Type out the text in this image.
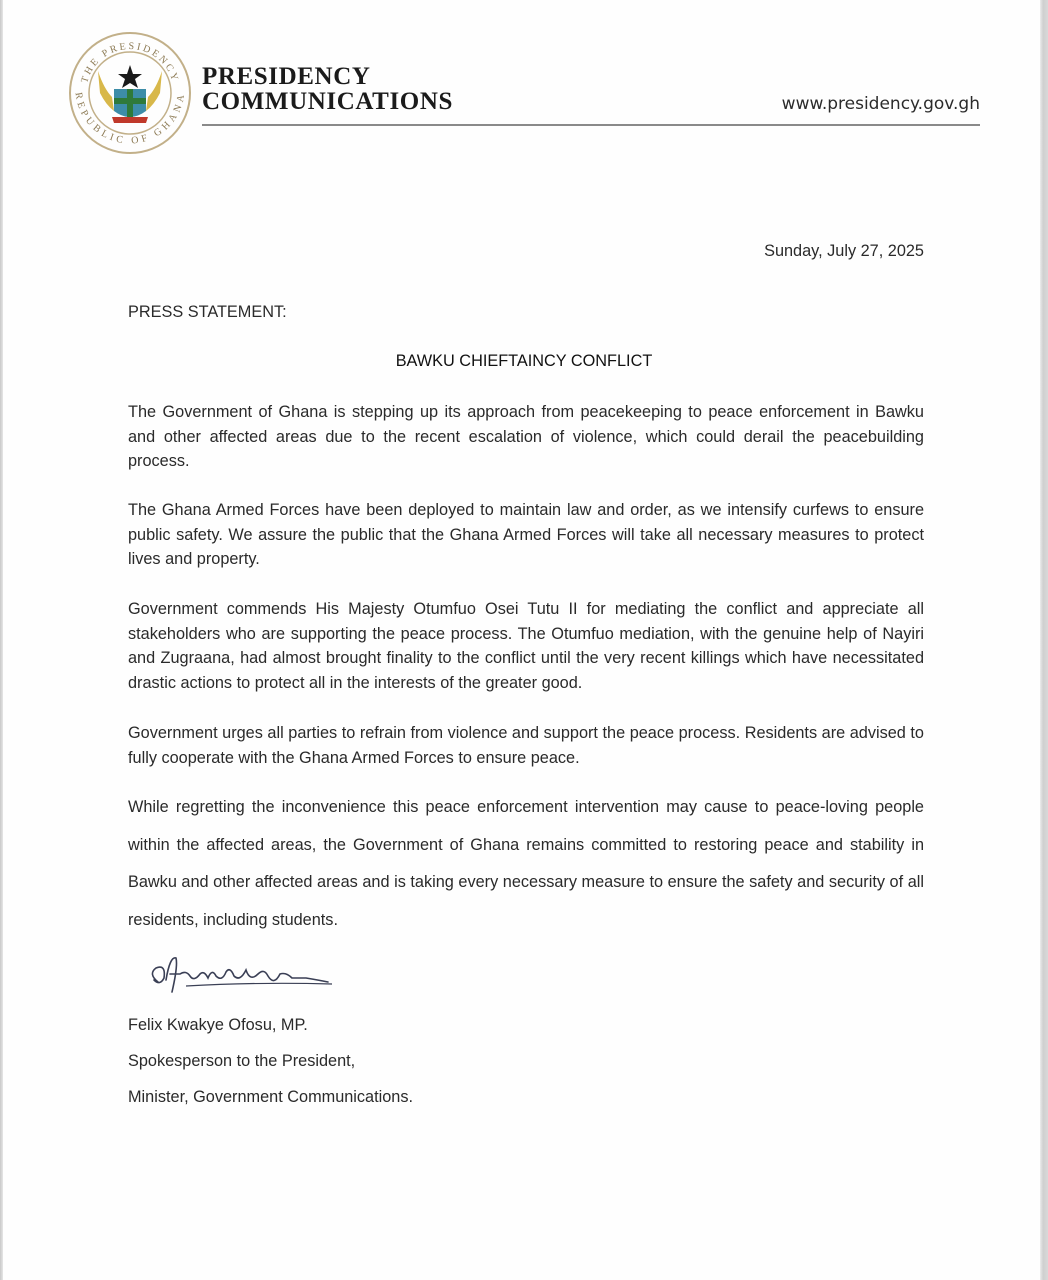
THE PRESIDENCY
REPUBLIC OF GHANA
PRESIDENCY
COMMUNICATIONS	www.presidency.gov.gh
Sunday, July 27, 2025
PRESS STATEMENT:
BAWKU CHIEFTAINCY CONFLICT

The Government of Ghana is stepping up its approach from peacekeeping to peace enforcement in Bawku and other affected areas due to the recent escalation of violence, which could derail the peacebuilding process.

The Ghana Armed Forces have been deployed to maintain law and order, as we intensify curfews to ensure public safety. We assure the public that the Ghana Armed Forces will take all necessary measures to protect lives and property.

Government commends His Majesty Otumfuo Osei Tutu II for mediating the conflict and appreciate all stakeholders who are supporting the peace process. The Otumfuo mediation, with the genuine help of Nayiri and Zugraana, had almost brought finality to the conflict until the very recent killings which have necessitated drastic actions to protect all in the interests of the greater good.

Government urges all parties to refrain from violence and support the peace process. Residents are advised to fully cooperate with the Ghana Armed Forces to ensure peace.

While regretting the inconvenience this peace enforcement intervention may cause to peace-loving people within the affected areas, the Government of Ghana remains committed to restoring peace and stability in Bawku and other affected areas and is taking every necessary measure to ensure the safety and security of all residents, including students.

Felix Kwakye Ofosu, MP.
Spokesperson to the President,
Minister, Government Communications.
